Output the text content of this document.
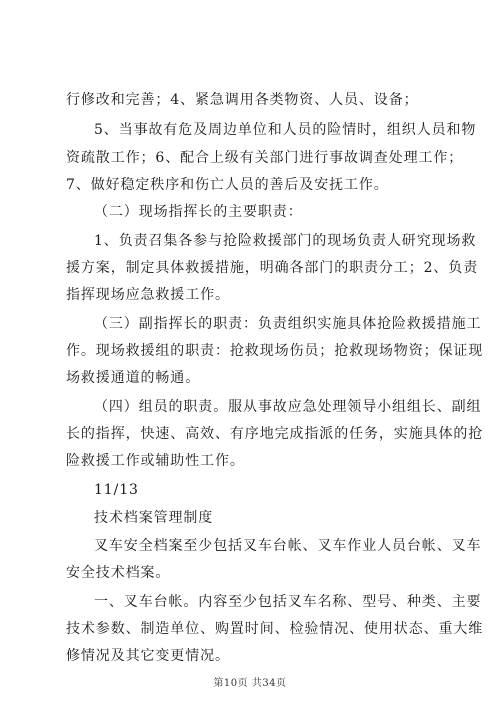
行修改和完善；4、紧急调用各类物资、人员、设备；
5、当事故有危及周边单位和人员的险情时，组织人员和物
资疏散工作；6、配合上级有关部门进行事故调查处理工作；
7、做好稳定秩序和伤亡人员的善后及安抚工作。
（二）现场指挥长的主要职责：
1、负责召集各参与抢险救援部门的现场负责人研究现场救
援方案，制定具体救援措施，明确各部门的职责分工；2、负责
指挥现场应急救援工作。
（三）副指挥长的职责：负责组织实施具体抢险救援措施工
作。现场救援组的职责：抢救现场伤员；抢救现场物资；保证现
场救援通道的畅通。
（四）组员的职责。服从事故应急处理领导小组组长、副组
长的指挥，快速、高效、有序地完成指派的任务，实施具体的抢
险救援工作或辅助性工作。
11/13
技术档案管理制度
叉车安全档案至少包括叉车台帐、叉车作业人员台帐、叉车
安全技术档案。
一、叉车台帐。内容至少包括叉车名称、型号、种类、主要
技术参数、制造单位、购置时间、检验情况、使用状态、重大维
修情况及其它变更情况。
第10页 共34页
